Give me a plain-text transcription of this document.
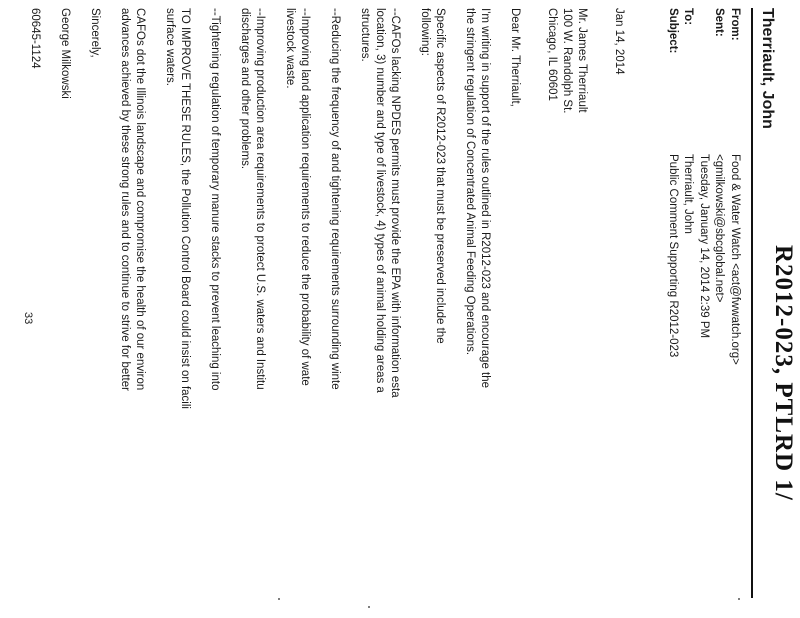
R2012-023, PTLRD 1/
Therriault, John
From:
Food & Water Watch <act@fwwatch.org>
Sent:
<gmilkowski@sbcglobal.net>
Tuesday, January 14, 2014 2:39 PM
To:
Therriault, John
Subject:
Public Comment Supporting R2012-023

Jan 14, 2014

Mr. James Therriault

100 W. Randolph St.

Chicago, IL 60601

Dear Mr. Therriault,

I'm writing in support of the rules outlined in R2012-023 and encourage the

the stringent regulation of Concentrated Animal Feeding Operations.

Specific aspects of R2012-023 that must be preserved include the

following:

--CAFOs lacking NPDES permits must provide the EPA with information esta

location, 3) number and type of livestock, 4) types of animal holding areas a

structures.

--Reducing the frequency of and tightening requirements surrounding winte

--Improving land application requirements to reduce the probability of wate

livestock waste.

--Improving production area requirements to protect U.S. waters and Institu

discharges and other problems.

--Tightening regulation of temporary manure stacks to prevent leaching into

TO IMPROVE THESE RULES, the Pollution Control Board could insist on facili

surface waters.

CAFOs dot the Illinois landscape and compromise the health of our environ

advances achieved by these strong rules and to continue to strive for better

Sincerely,

George Milkowski

60645-1124

33
